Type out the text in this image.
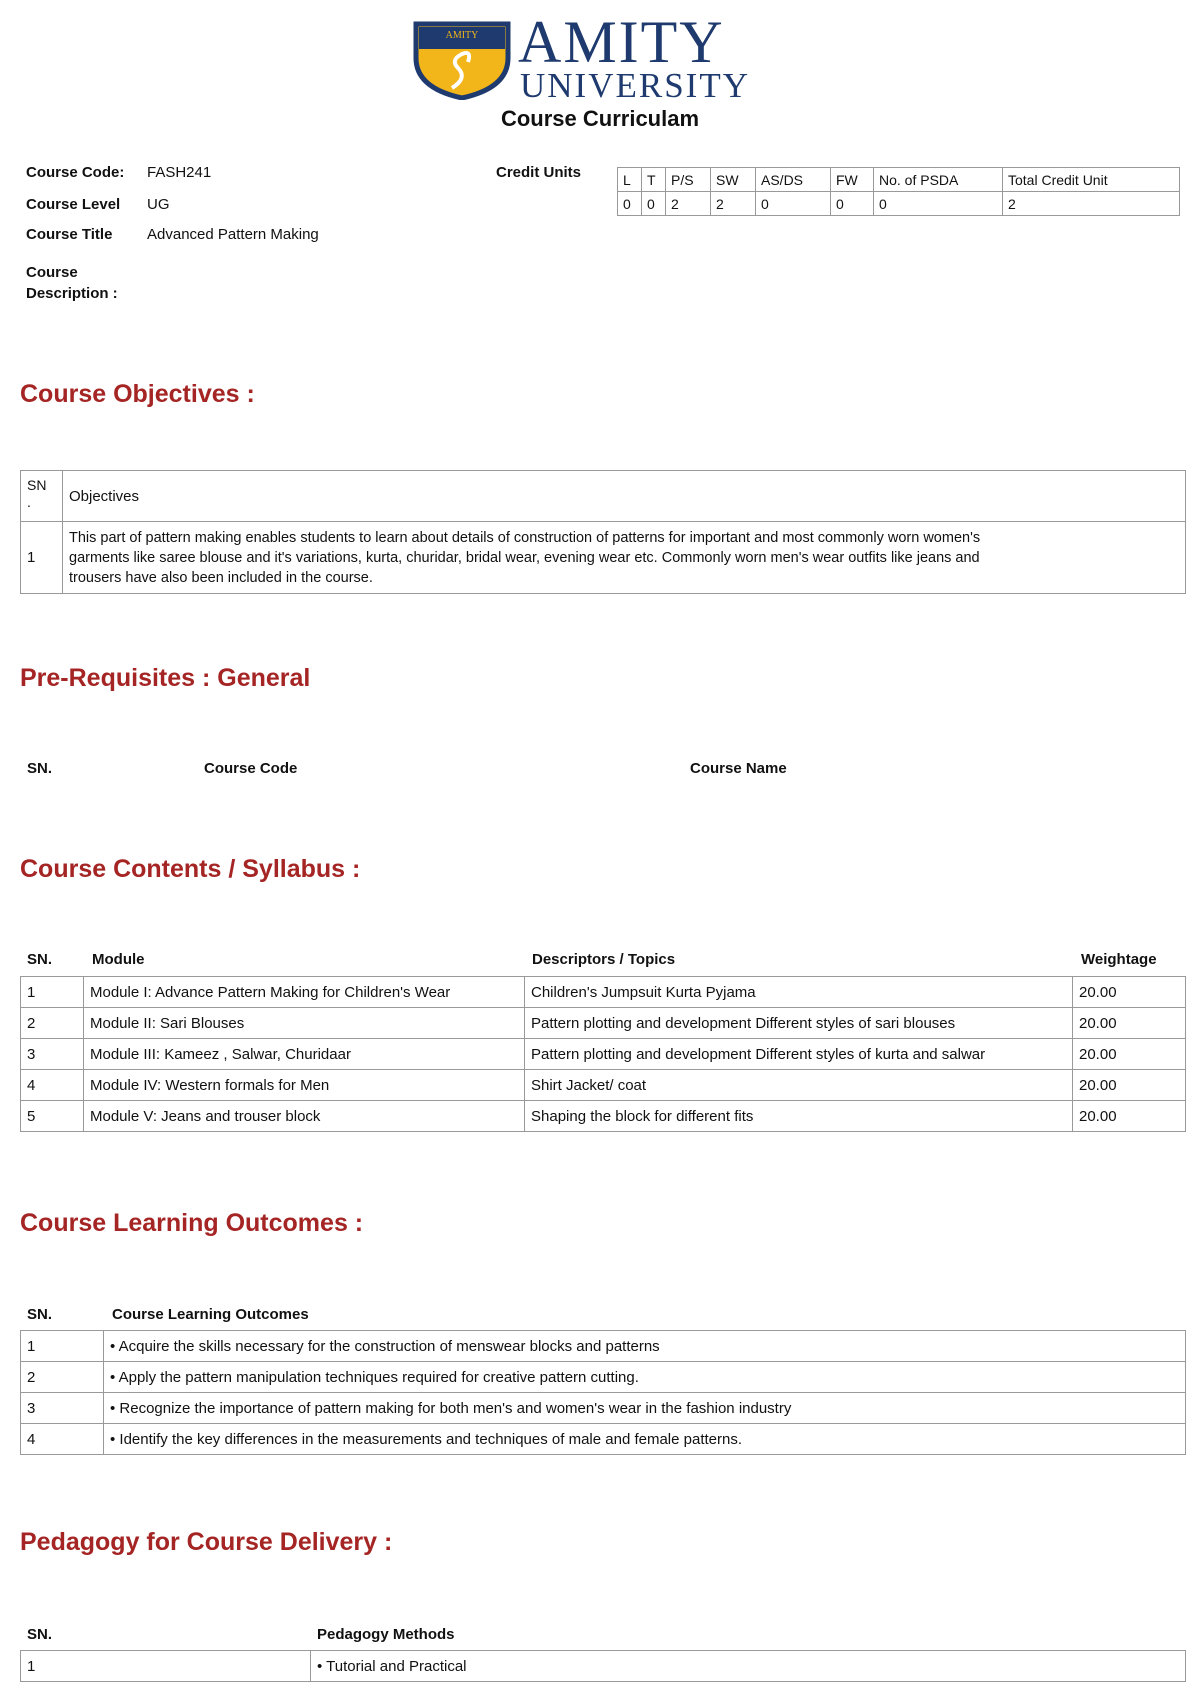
AMITY AMITY
UNIVERSITY
Course Curriculam
Course Code: FASH241
Course Level UG
Course Title Advanced Pattern Making
Course
Description :
Credit Units	L	T	P/S	SW	AS/DS	FW	No. of PSDA	Total Credit Unit
0	0	2	2	0	0	0	2
Course Objectives :
SN
.	Objectives
1	This part of pattern making enables students to learn about details of construction of patterns for important and most commonly worn women's
garments like saree blouse and it's variations, kurta, churidar, bridal wear, evening wear etc. Commonly worn men's wear outfits like jeans and
trousers have also been included in the course.
Pre-Requisites : General
SN.	Course Code	Course Name
Course Contents / Syllabus :
SN.	Module	Descriptors / Topics	Weightage
1	Module I: Advance Pattern Making for Children's Wear	Children's Jumpsuit Kurta Pyjama	20.00
2	Module II: Sari Blouses	Pattern plotting and development Different styles of sari blouses	20.00
3	Module III: Kameez , Salwar, Churidaar	Pattern plotting and development Different styles of kurta and salwar	20.00
4	Module IV: Western formals for Men	Shirt Jacket/ coat	20.00
5	Module V: Jeans and trouser block	Shaping the block for different fits	20.00
Course Learning Outcomes :
SN.	Course Learning Outcomes
1	• Acquire the skills necessary for the construction of menswear blocks and patterns
2	• Apply the pattern manipulation techniques required for creative pattern cutting.
3	• Recognize the importance of pattern making for both men's and women's wear in the fashion industry
4	• Identify the key differences in the measurements and techniques of male and female patterns.
Pedagogy for Course Delivery :
SN.	Pedagogy Methods
1	• Tutorial and Practical
